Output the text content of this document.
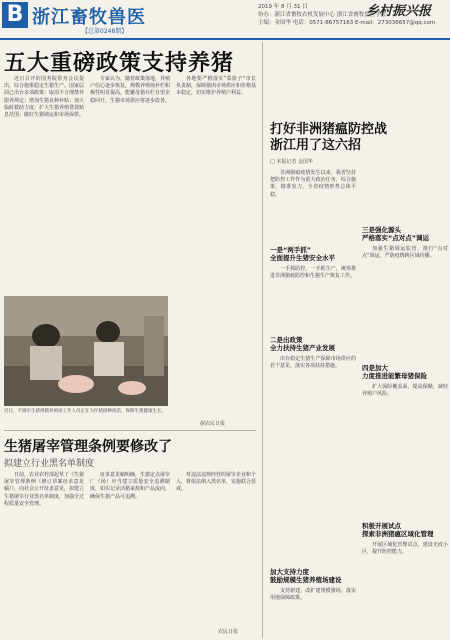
B 浙江畜牧兽医
【总第0248期】
2019 年 8 月 31 日
协办：浙江省畜牧农机发展中心 浙江省畜牧兽医学会
主编：金国华 电话：0571-86757163 E-mail：273036657@qq.com
乡村振兴报
五大重磅政策支持养猪

近日召开的国务院常务会议提出，综合施策稳定生猪生产。国家层面已出台多项政策：取消不合理禁养限养规定；增加生猪良种补贴；加大临时救助力度；扩大生猪养殖贷款贴息范围；做好生猪调运和市场保供。

专家认为，随着政策落地，养殖户信心逐步恢复，规模养殖场补栏积极性明显提高，能繁母猪存栏有望企稳回升，生猪市场供应将逐步改善。

各地要严格落实“菜篮子”市长负责制，保障猪肉市场供应和价格基本稳定，切实维护养殖户利益。

近日，平湖市生猪规模养殖场工作人员正在为仔猪接种疫苗，保障生猪健康生长。
据农民日报
生猪屠宰管理条例要修改了
拟建立行业黑名单制度

日前，农业农村部起草了《生猪屠宰管理条例（修订草案征求意见稿）》，向社会公开征求意见，拟建立生猪屠宰行业黑名单制度，加强全过程质量安全管理。

征求意见稿明确，生猪定点屠宰厂（场）应当建立质量安全追溯制度，如实记录活猪来源和产品流向，确保生猪产品可追溯。

对违法违规经营的屠宰企业和个人，将依法纳入黑名单，实施联合惩戒。

农民日报
打好非洲猪瘟防控战
浙江用了这六招
□ 本报记者 金国华

非洲猪瘟疫情发生以来，我省坚持把防控工作作为重大政治任务，综合施策、精准发力，全省疫情形势总体平稳。

一是“两手抓”
全面提升生猪安全水平

一手抓防控，一手抓生产，统筹推进非洲猪瘟防控和生猪生产恢复工作。

二是出政策
全力扶持生猪产业发展

出台稳定生猪生产保障市场供应的若干意见，落实各项扶持措施。

三是强化源头
严格落实“点对点”调运

加强生猪调运监管，推行“点对点”调运，严防疫情跨区域传播。

四是加大
力度推进能繁母猪保险

扩大保险覆盖面，提高保额，减轻养殖户风险。

加大支持力度
鼓励规模生猪养殖场建设

支持新建、改扩建规模猪场，落实用地保障政策。

积极开展试点
探索非洲猪瘟区域化管理

开展区域化管理试点，建设无疫小区，提升防控能力。
